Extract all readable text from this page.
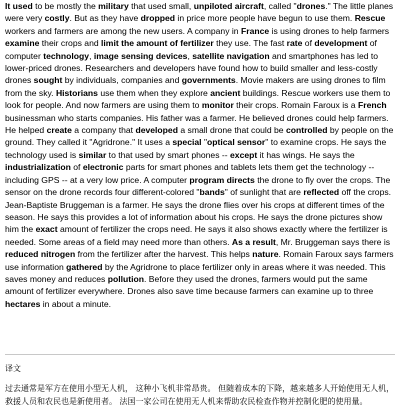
It used to be mostly the military that used small, unpiloted aircraft, called "drones." The little planes were very costly. But as they have dropped in price more people have begun to use them. Rescue workers and farmers are among the new users. A company in France is using drones to help farmers examine their crops and limit the amount of fertilizer they use. The fast rate of development of computer technology, image sensing devices, satellite navigation and smartphones has led to lower-priced drones. Researchers and developers have found how to build smaller and less-costly drones sought by individuals, companies and governments. Movie makers are using drones to film from the sky. Historians use them when they explore ancient buildings. Rescue workers use them to look for people. And now farmers are using them to monitor their crops. Romain Faroux is a French businessman who starts companies. His father was a farmer. He believed drones could help farmers. He helped create a company that developed a small drone that could be controlled by people on the ground. They called it "Agridrone." It uses a special "optical sensor" to examine crops. He says the technology used is similar to that used by smart phones -- except it has wings. He says the industrialization of electronic parts for smart phones and tablets lets them get the technology -- including GPS -- at a very low price. A computer program directs the drone to fly over the crops. The sensor on the drone records four different-colored "bands" of sunlight that are reflected off the crops. Jean-Baptiste Bruggeman is a farmer. He says the drone flies over his crops at different times of the season. He says this provides a lot of information about his crops. He says the drone pictures show him the exact amount of fertilizer the crops need. He says it also shows exactly where the fertilizer is needed. Some areas of a field may need more than others. As a result, Mr. Bruggeman says there is reduced nitrogen from the fertilizer after the harvest. This helps nature. Romain Faroux says farmers use information gathered by the Agridrone to place fertilizer only in areas where it was needed. This saves money and reduces pollution. Before they used the drones, farmers would put the same amount of fertilizer everywhere. Drones also save time because farmers can examine up to three hectares in about a minute.

译文
过去通常是军方在使用小型无人机， 这种小飞机非常昂贵。 但随着成本的下降，越来越多人开始使用无人机，救援人员和农民也是新使用者。 法国一家公司在使用无人机来帮助农民检查作物并控制化肥的使用量。
